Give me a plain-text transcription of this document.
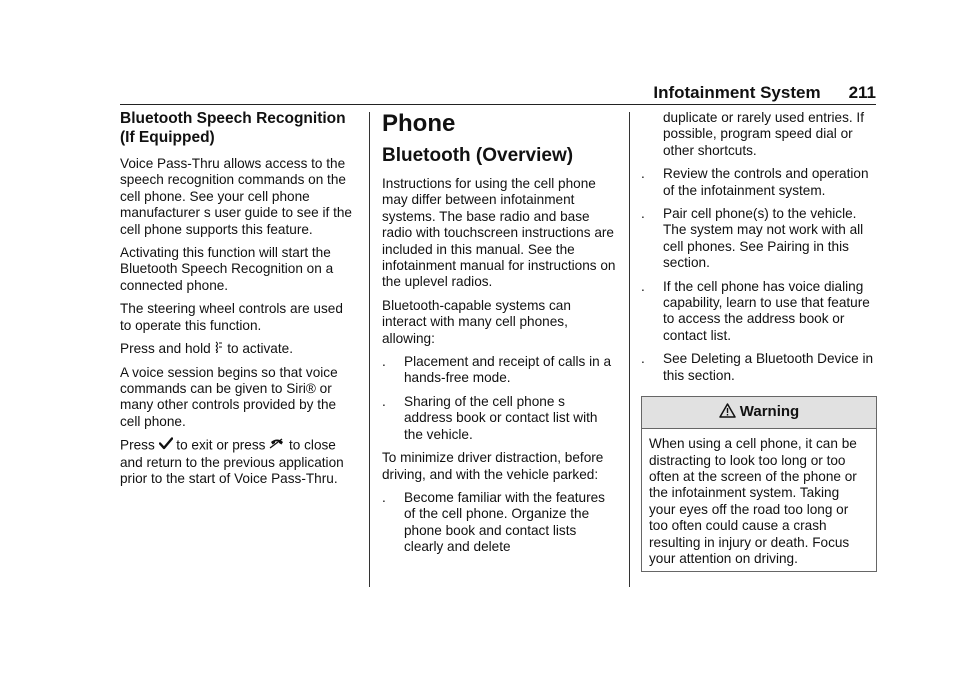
Infotainment System 211
Bluetooth Speech Recognition (If Equipped)

Voice Pass-Thru allows access to the speech recognition commands on the cell phone. See your cell phone manufacturer s user guide to see if the cell phone supports this feature.

Activating this function will start the Bluetooth Speech Recognition on a connected phone.

The steering wheel controls are used to operate this function.

Press and hold  to activate.

A voice session begins so that voice commands can be given to Siri® or many other controls provided by the cell phone.

Press  to exit or press  to close and return to the previous application prior to the start of Voice Pass-Thru.

Phone
Bluetooth (Overview)

Instructions for using the cell phone may differ between infotainment systems. The base radio and base radio with touchscreen instructions are included in this manual. See the infotainment manual for instructions on the uplevel radios.

Bluetooth-capable systems can interact with many cell phones, allowing:

.	Placement and receipt of calls in a hands-free mode.
.	Sharing of the cell phone s address book or contact list with the vehicle.

To minimize driver distraction, before driving, and with the vehicle parked:

.	Become familiar with the features of the cell phone. Organize the phone book and contact lists clearly and delete
duplicate or rarely used entries. If possible, program speed dial or other shortcuts.
.	Review the controls and operation of the infotainment system.
.	Pair cell phone(s) to the vehicle. The system may not work with all cell phones. See Pairing in this section.
.	If the cell phone has voice dialing capability, learn to use that feature to access the address book or contact list.
.	See Deleting a Bluetooth Device in this section.
Warning
When using a cell phone, it can be distracting to look too long or too often at the screen of the phone or the infotainment system. Taking your eyes off the road too long or too often could cause a crash resulting in injury or death. Focus your attention on driving.
